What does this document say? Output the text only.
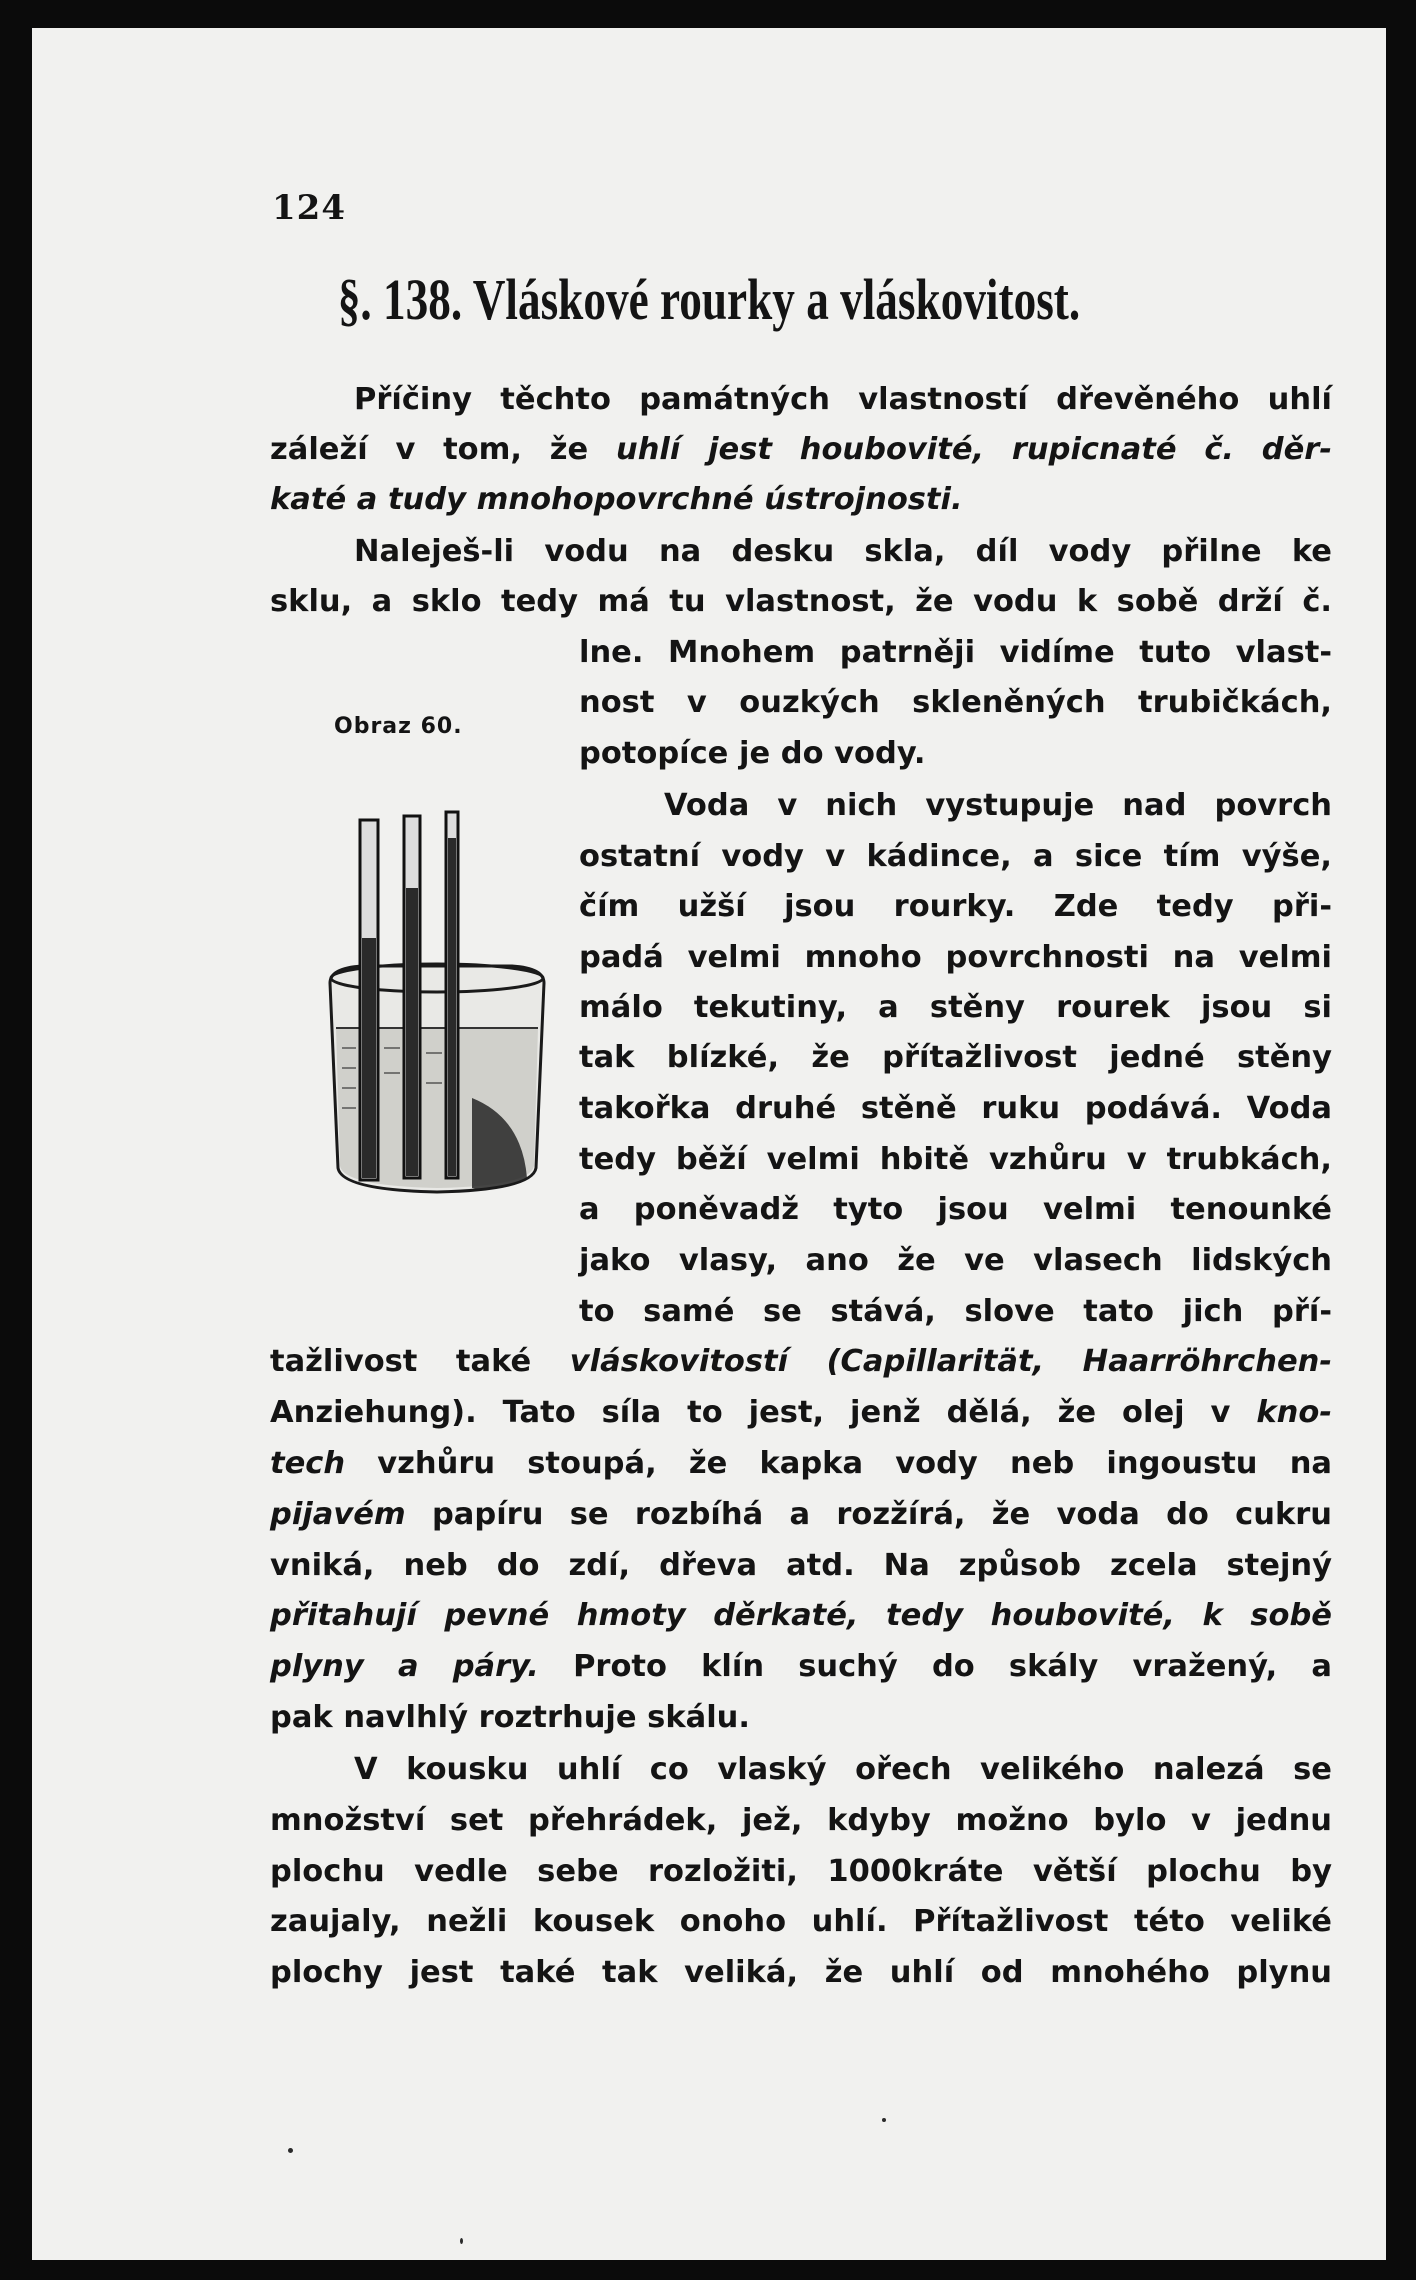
124
§. 138. Vláskové rourky a vláskovitost.
Příčiny těchto památných vlastností dřevěného uhlí
záleží v tom, že uhlí jest houbovité, rupicnaté č. děr-
katé a tudy mnohopovrchné ústrojnosti.
Naleješ-li vodu na desku skla, díl vody přilne ke
sklu, a sklo tedy má tu vlastnost, že vodu k sobě drží č.
lne. Mnohem patrněji vidíme tuto vlast-
nost v ouzkých skleněných trubičkách,
potopíce je do vody.
Voda v nich vystupuje nad povrch
ostatní vody v kádince, a sice tím výše,
čím užší jsou rourky. Zde tedy při-
padá velmi mnoho povrchnosti na velmi
málo tekutiny, a stěny rourek jsou si
tak blízké, že přítažlivost jedné stěny
takořka druhé stěně ruku podává. Voda
tedy běží velmi hbitě vzhůru v trubkách,
a poněvadž tyto jsou velmi tenounké
jako vlasy, ano že ve vlasech lidských
to samé se stává, slove tato jich pří-
tažlivost také vláskovitostí (Capillarität, Haarröhrchen-
Anziehung). Tato síla to jest, jenž dělá, že olej v kno-
tech vzhůru stoupá, že kapka vody neb ingoustu na
pijavém papíru se rozbíhá a rozžírá, že voda do cukru
vniká, neb do zdí, dřeva atd. Na způsob zcela stejný
přitahují pevné hmoty děrkaté, tedy houbovité, k sobě
plyny a páry. Proto klín suchý do skály vražený, a
pak navlhlý roztrhuje skálu.
V kousku uhlí co vlaský ořech velikého nalezá se
množství set přehrádek, jež, kdyby možno bylo v jednu
plochu vedle sebe rozložiti, 1000kráte větší plochu by
zaujaly, nežli kousek onoho uhlí. Přítažlivost této veliké
plochy jest také tak veliká, že uhlí od mnohého plynu
Obraz 60.
